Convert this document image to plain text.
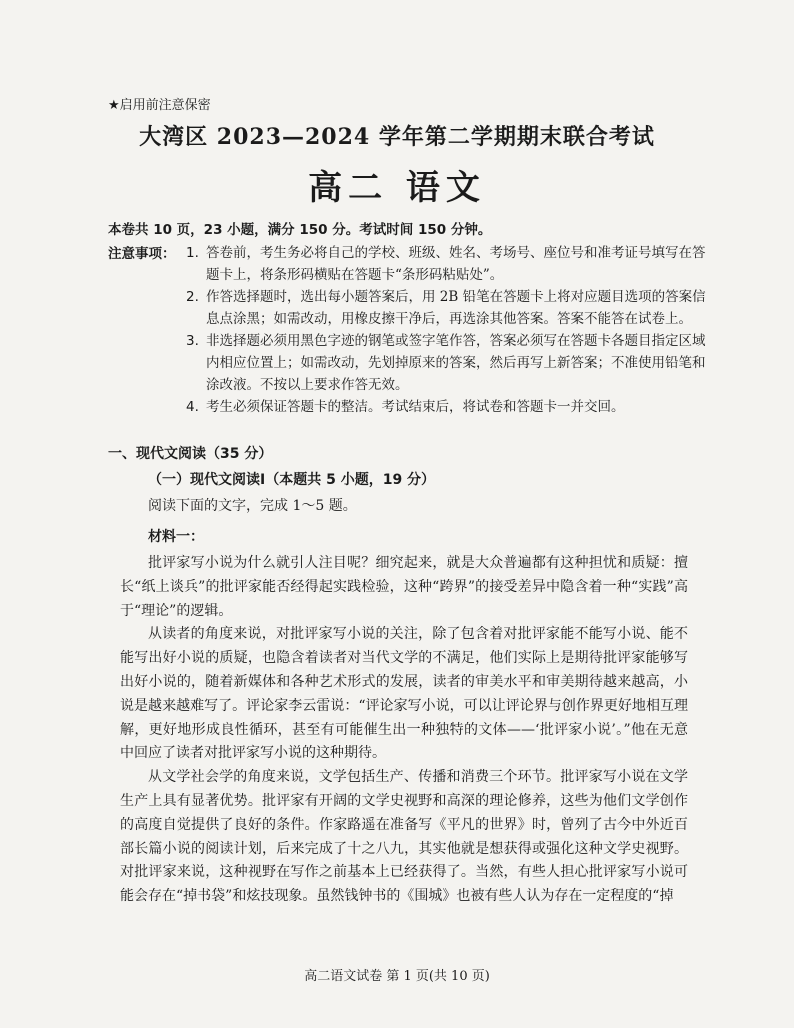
★启用前注意保密
大湾区 2023—2024 学年第二学期期末联合考试
高二 语文
本卷共 10 页，23 小题，满分 150 分。考试时间 150 分钟。
注意事项： 1. 答卷前，考生务必将自己的学校、班级、姓名、考场号、座位号和准考证号填写在答题卡上，将条形码横贴在答题卡“条形码粘贴处”。
2. 作答选择题时，选出每小题答案后，用 2B 铅笔在答题卡上将对应题目选项的答案信息点涂黑；如需改动，用橡皮擦干净后，再选涂其他答案。答案不能答在试卷上。
3. 非选择题必须用黑色字迹的钢笔或签字笔作答，答案必须写在答题卡各题目指定区域内相应位置上；如需改动，先划掉原来的答案，然后再写上新答案；不准使用铅笔和涂改液。不按以上要求作答无效。
4. 考生必须保证答题卡的整洁。考试结束后，将试卷和答题卡一并交回。
一、现代文阅读（35 分）
（一）现代文阅读Ⅰ（本题共 5 小题，19 分）
阅读下面的文字，完成 1～5 题。
材料一：

批评家写小说为什么就引人注目呢？细究起来，就是大众普遍都有这种担忧和质疑：擅长“纸上谈兵”的批评家能否经得起实践检验，这种“跨界”的接受差异中隐含着一种“实践”高于“理论”的逻辑。

从读者的角度来说，对批评家写小说的关注，除了包含着对批评家能不能写小说、能不能写出好小说的质疑，也隐含着读者对当代文学的不满足，他们实际上是期待批评家能够写出好小说的，随着新媒体和各种艺术形式的发展，读者的审美水平和审美期待越来越高，小说是越来越难写了。评论家李云雷说：“评论家写小说，可以让评论界与创作界更好地相互理解，更好地形成良性循环，甚至有可能催生出一种独特的文体——‘批评家小说’。”他在无意中回应了读者对批评家写小说的这种期待。

从文学社会学的角度来说，文学包括生产、传播和消费三个环节。批评家写小说在文学生产上具有显著优势。批评家有开阔的文学史视野和高深的理论修养，这些为他们文学创作的高度自觉提供了良好的条件。作家路遥在准备写《平凡的世界》时，曾列了古今中外近百部长篇小说的阅读计划，后来完成了十之八九，其实他就是想获得或强化这种文学史视野。对批评家来说，这种视野在写作之前基本上已经获得了。当然，有些人担心批评家写小说可能会存在“掉书袋”和炫技现象。虽然钱钟书的《围城》也被有些人认为存在一定程度的“掉

高二语文试卷 第 1 页(共 10 页)
